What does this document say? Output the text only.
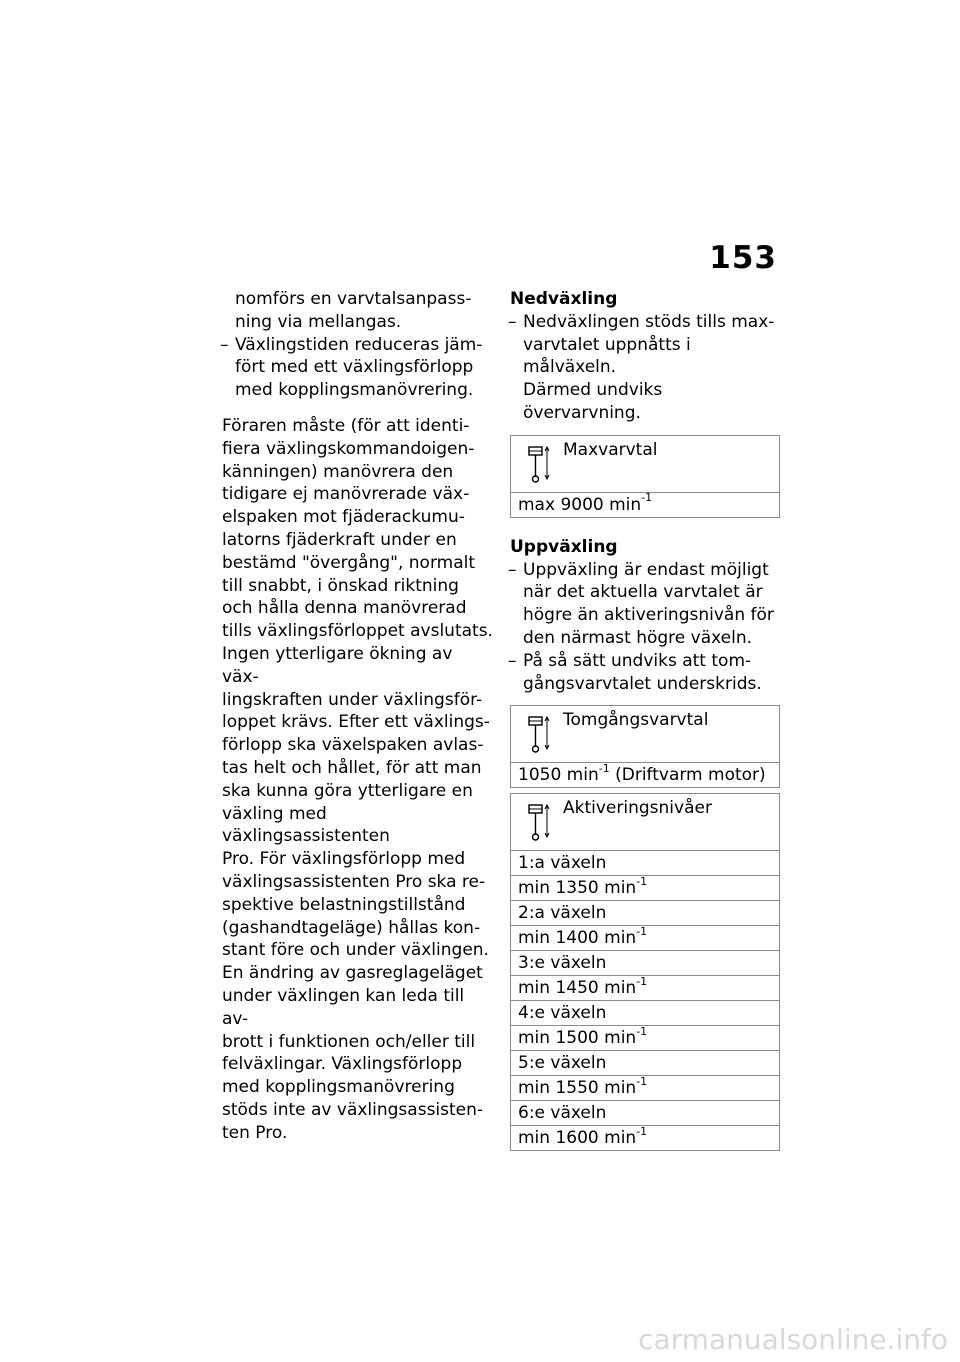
153
nomförs en varvtalsanpass-
ning via mellangas.
– Växlingstiden reduceras jäm-
fört med ett växlingsförlopp
med kopplingsmanövrering.
Föraren måste (för att identi-
fiera växlingskommandoigen-
känningen) manövrera den
tidigare ej manövrerade väx-
elspaken mot fjäderackumu-
latorns fjäderkraft under en
bestämd "övergång", normalt
till snabbt, i önskad riktning
och hålla denna manövrerad
tills växlingsförloppet avslutats.
Ingen ytterligare ökning av väx-
lingskraften under växlingsför-
loppet krävs. Efter ett växlings-
förlopp ska växelspaken avlas-
tas helt och hållet, för att man
ska kunna göra ytterligare en
växling med växlingsassistenten
Pro. För växlingsförlopp med
växlingsassistenten Pro ska re-
spektive belastningstillstånd
(gashandtageläge) hållas kon-
stant före och under växlingen.
En ändring av gasreglageläget
under växlingen kan leda till av-
brott i funktionen och/eller till
felväxlingar. Växlingsförlopp
med kopplingsmanövrering
stöds inte av växlingsassisten-
ten Pro.
Nedväxling
– Nedväxlingen stöds tills max-
varvtalet uppnåtts i målväxeln.
Därmed undviks övervarvning.
Maxvarvtal
max 9000 $\min^{-1}$
Uppväxling
– Uppväxling är endast möjligt
när det aktuella varvtalet är
högre än aktiveringsnivån för
den närmast högre växeln.
– På så sätt undviks att tom-
gångsvarvtalet underskrids.
Tomgångsvarvtal
1050 $\min^{-1}$ (Driftvarm motor)
Aktiveringsnivåer
1:a växeln
min 1350 $\min^{-1}$
2:a växeln
min 1400 $\min^{-1}$
3:e växeln
min 1450 $\min^{-1}$
4:e växeln
min 1500 $\min^{-1}$
5:e växeln
min 1550 $\min^{-1}$
6:e växeln
min 1600 $\min^{-1}$
carmanualsonline.info
